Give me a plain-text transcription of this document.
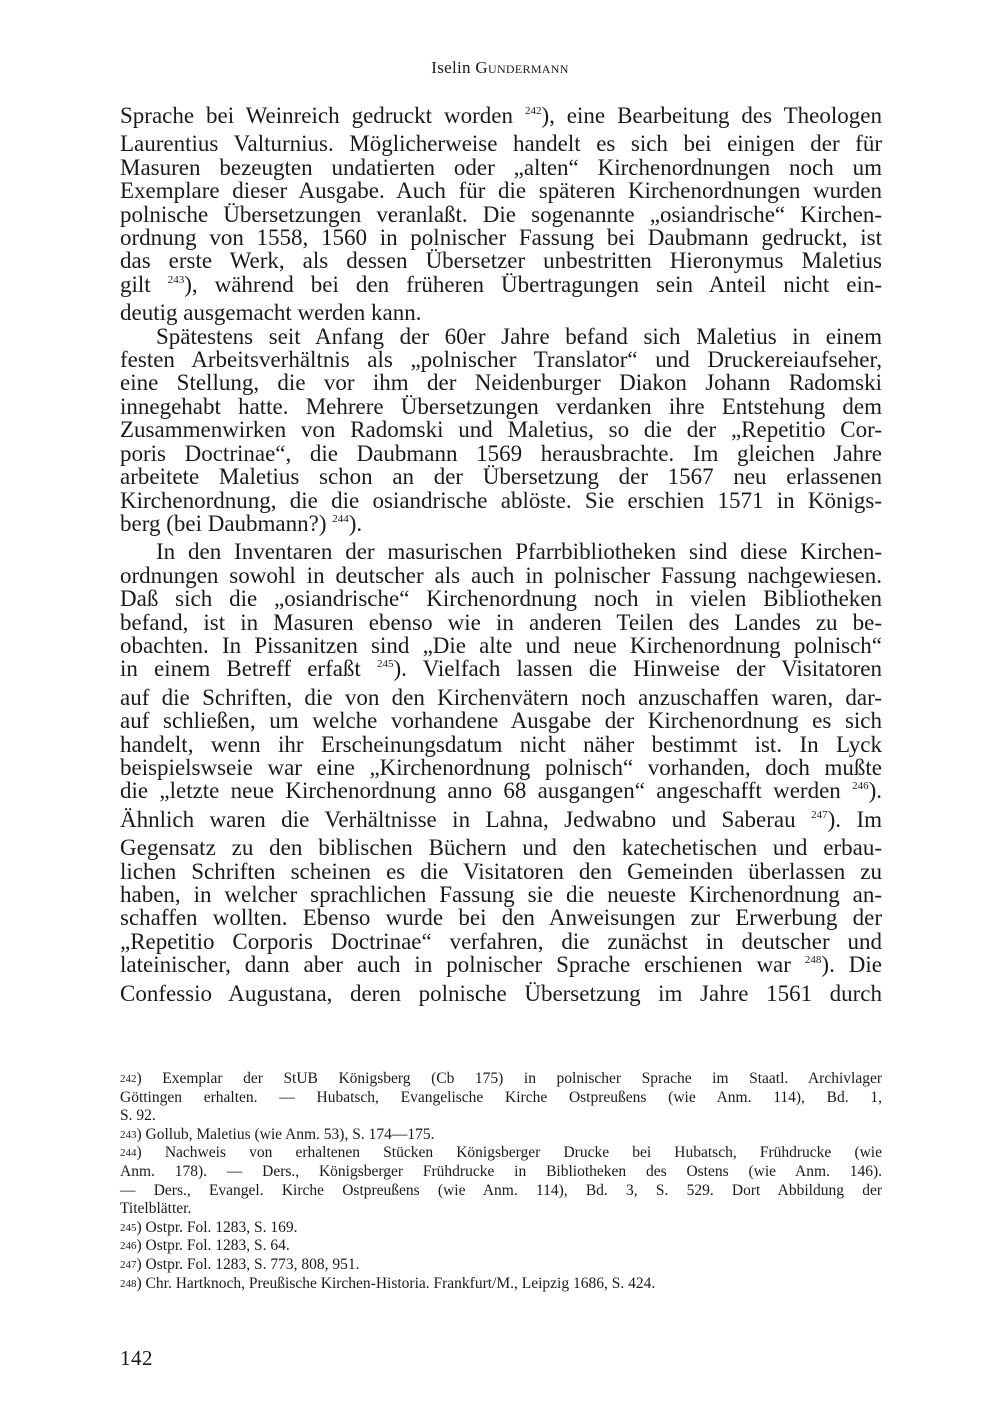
Iselin Gundermann
Sprache bei Weinreich gedruckt worden $^{242}$), eine Bearbeitung des Theologen
Laurentius Valturnius. Möglicherweise handelt es sich bei einigen der für
Masuren bezeugten undatierten oder „alten“ Kirchenordnungen noch um
Exemplare dieser Ausgabe. Auch für die späteren Kirchenordnungen wurden
polnische Übersetzungen veranlaßt. Die sogenannte „osiandrische“ Kirchen-
ordnung von 1558, 1560 in polnischer Fassung bei Daubmann gedruckt, ist
das erste Werk, als dessen Übersetzer unbestritten Hieronymus Maletius
gilt $^{243}$), während bei den früheren Übertragungen sein Anteil nicht ein-
deutig ausgemacht werden kann.
Spätestens seit Anfang der 60er Jahre befand sich Maletius in einem
festen Arbeitsverhältnis als „polnischer Translator“ und Druckereiaufseher,
eine Stellung, die vor ihm der Neidenburger Diakon Johann Radomski
innegehabt hatte. Mehrere Übersetzungen verdanken ihre Entstehung dem
Zusammenwirken von Radomski und Maletius, so die der „Repetitio Cor-
poris Doctrinae“, die Daubmann 1569 herausbrachte. Im gleichen Jahre
arbeitete Maletius schon an der Übersetzung der 1567 neu erlassenen
Kirchenordnung, die die osiandrische ablöste. Sie erschien 1571 in Königs-
berg (bei Daubmann?) $^{244}$).
In den Inventaren der masurischen Pfarrbibliotheken sind diese Kirchen-
ordnungen sowohl in deutscher als auch in polnischer Fassung nachgewiesen.
Daß sich die „osiandrische“ Kirchenordnung noch in vielen Bibliotheken
befand, ist in Masuren ebenso wie in anderen Teilen des Landes zu be-
obachten. In Pissanitzen sind „Die alte und neue Kirchenordnung polnisch“
in einem Betreff erfaßt $^{245}$). Vielfach lassen die Hinweise der Visitatoren
auf die Schriften, die von den Kirchenvätern noch anzuschaffen waren, dar-
auf schließen, um welche vorhandene Ausgabe der Kirchenordnung es sich
handelt, wenn ihr Erscheinungsdatum nicht näher bestimmt ist. In Lyck
beispielswseie war eine „Kirchenordnung polnisch“ vorhanden, doch mußte
die „letzte neue Kirchenordnung anno 68 ausgangen“ angeschafft werden $^{246}$).
Ähnlich waren die Verhältnisse in Lahna, Jedwabno und Saberau $^{247}$). Im
Gegensatz zu den biblischen Büchern und den katechetischen und erbau-
lichen Schriften scheinen es die Visitatoren den Gemeinden überlassen zu
haben, in welcher sprachlichen Fassung sie die neueste Kirchenordnung an-
schaffen wollten. Ebenso wurde bei den Anweisungen zur Erwerbung der
„Repetitio Corporis Doctrinae“ verfahren, die zunächst in deutscher und
lateinischer, dann aber auch in polnischer Sprache erschienen war $^{248}$). Die
Confessio Augustana, deren polnische Übersetzung im Jahre 1561 durch
$^{242}$) Exemplar der StUB Königsberg (Cb 175) in polnischer Sprache im Staatl. Archivlager
Göttingen erhalten. — Hubatsch, Evangelische Kirche Ostpreußens (wie Anm. 114), Bd. 1,
S. 92.
$^{243}$) Gollub, Maletius (wie Anm. 53), S. 174—175.
$^{244}$) Nachweis von erhaltenen Stücken Königsberger Drucke bei Hubatsch, Frühdrucke (wie
Anm. 178). — Ders., Königsberger Frühdrucke in Bibliotheken des Ostens (wie Anm. 146).
— Ders., Evangel. Kirche Ostpreußens (wie Anm. 114), Bd. 3, S. 529. Dort Abbildung der
Titelblätter.
$^{245}$) Ostpr. Fol. 1283, S. 169.
$^{246}$) Ostpr. Fol. 1283, S. 64.
$^{247}$) Ostpr. Fol. 1283, S. 773, 808, 951.
$^{248}$) Chr. Hartknoch, Preußische Kirchen-Historia. Frankfurt/M., Leipzig 1686, S. 424.
142
